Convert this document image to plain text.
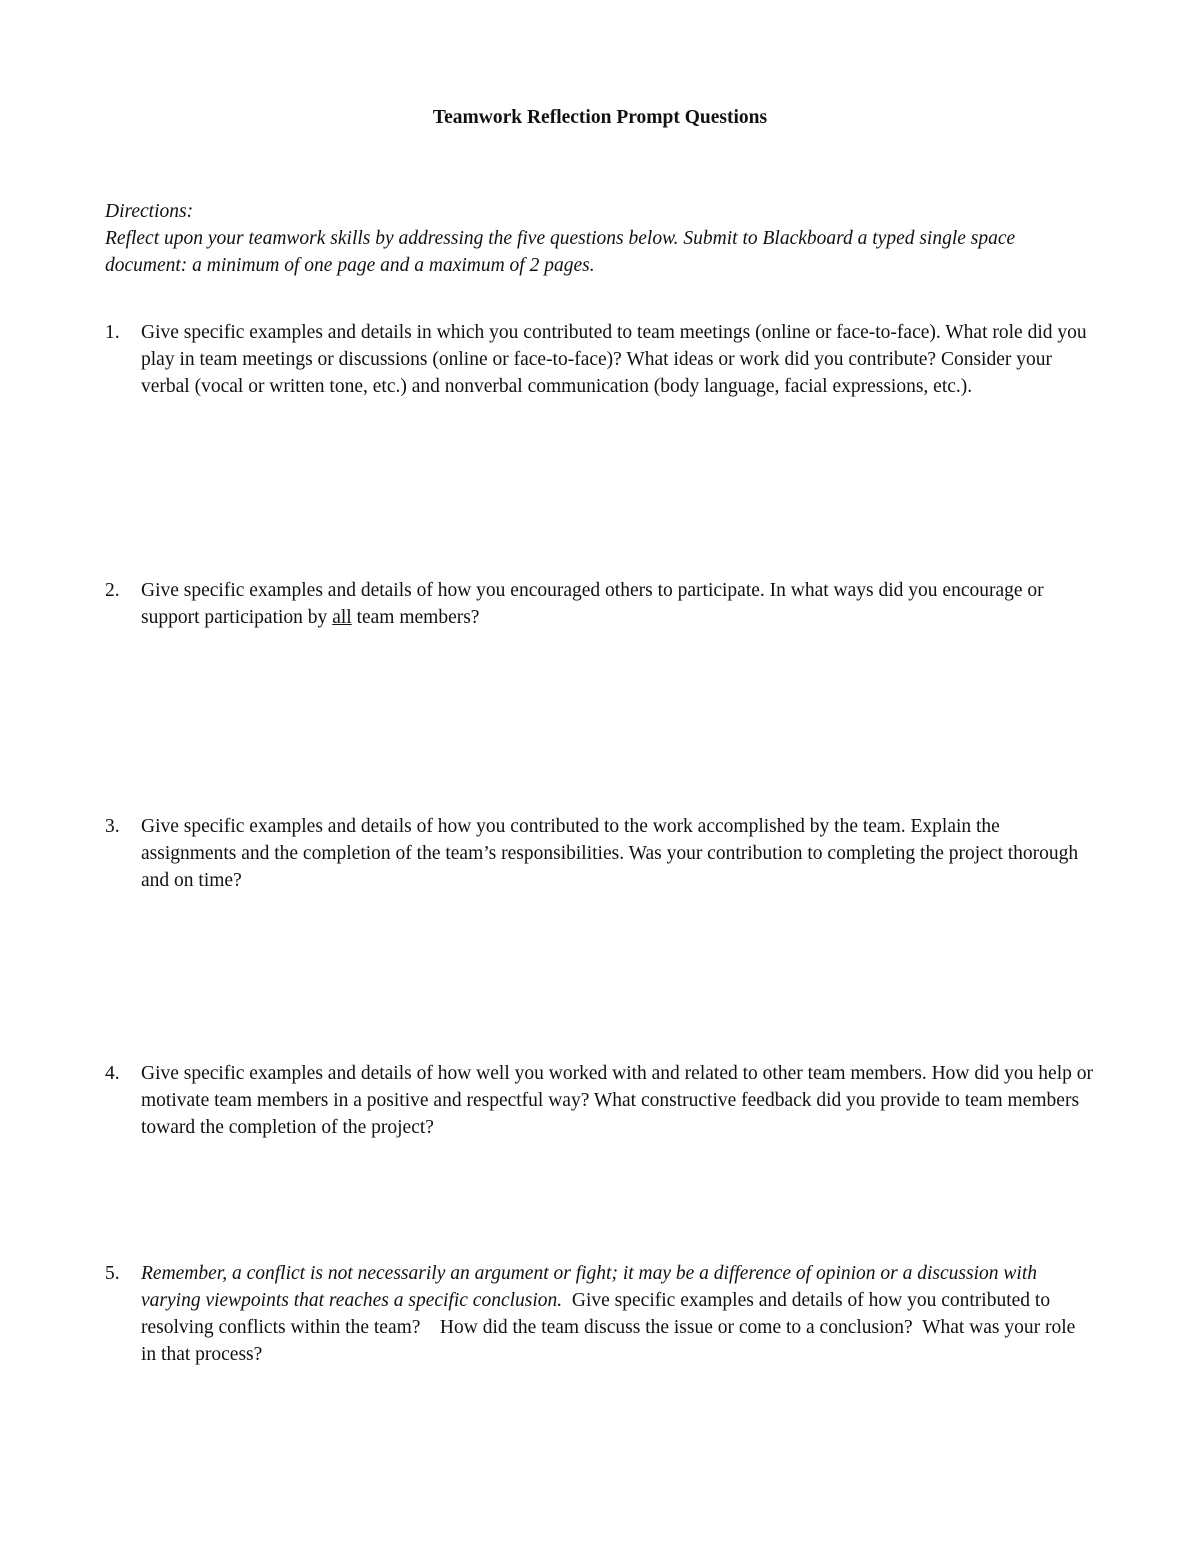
Teamwork Reflection Prompt Questions

Directions:

Reflect upon your teamwork skills by addressing the five questions below. Submit to Blackboard a typed single space document: a minimum of one page and a maximum of 2 pages.

1.	Give specific examples and details in which you contributed to team meetings (online or face-to-face). What role did you play in team meetings or discussions (online or face-to-face)? What ideas or work did you contribute? Consider your verbal (vocal or written tone, etc.) and nonverbal communication (body language, facial expressions, etc.).
2.	Give specific examples and details of how you encouraged others to participate. In what ways did you encourage or support participation by all team members?
3.	Give specific examples and details of how you contributed to the work accomplished by the team. Explain the assignments and the completion of the team’s responsibilities. Was your contribution to completing the project thorough and on time?
4.	Give specific examples and details of how well you worked with and related to other team members. How did you help or motivate team members in a positive and respectful way? What constructive feedback did you provide to team members toward the completion of the project?
5.	Remember, a conflict is not necessarily an argument or fight; it may be a difference of opinion or a discussion with varying viewpoints that reaches a specific conclusion.  Give specific examples and details of how you contributed to resolving conflicts within the team?    How did the team discuss the issue or come to a conclusion?  What was your role in that process?
